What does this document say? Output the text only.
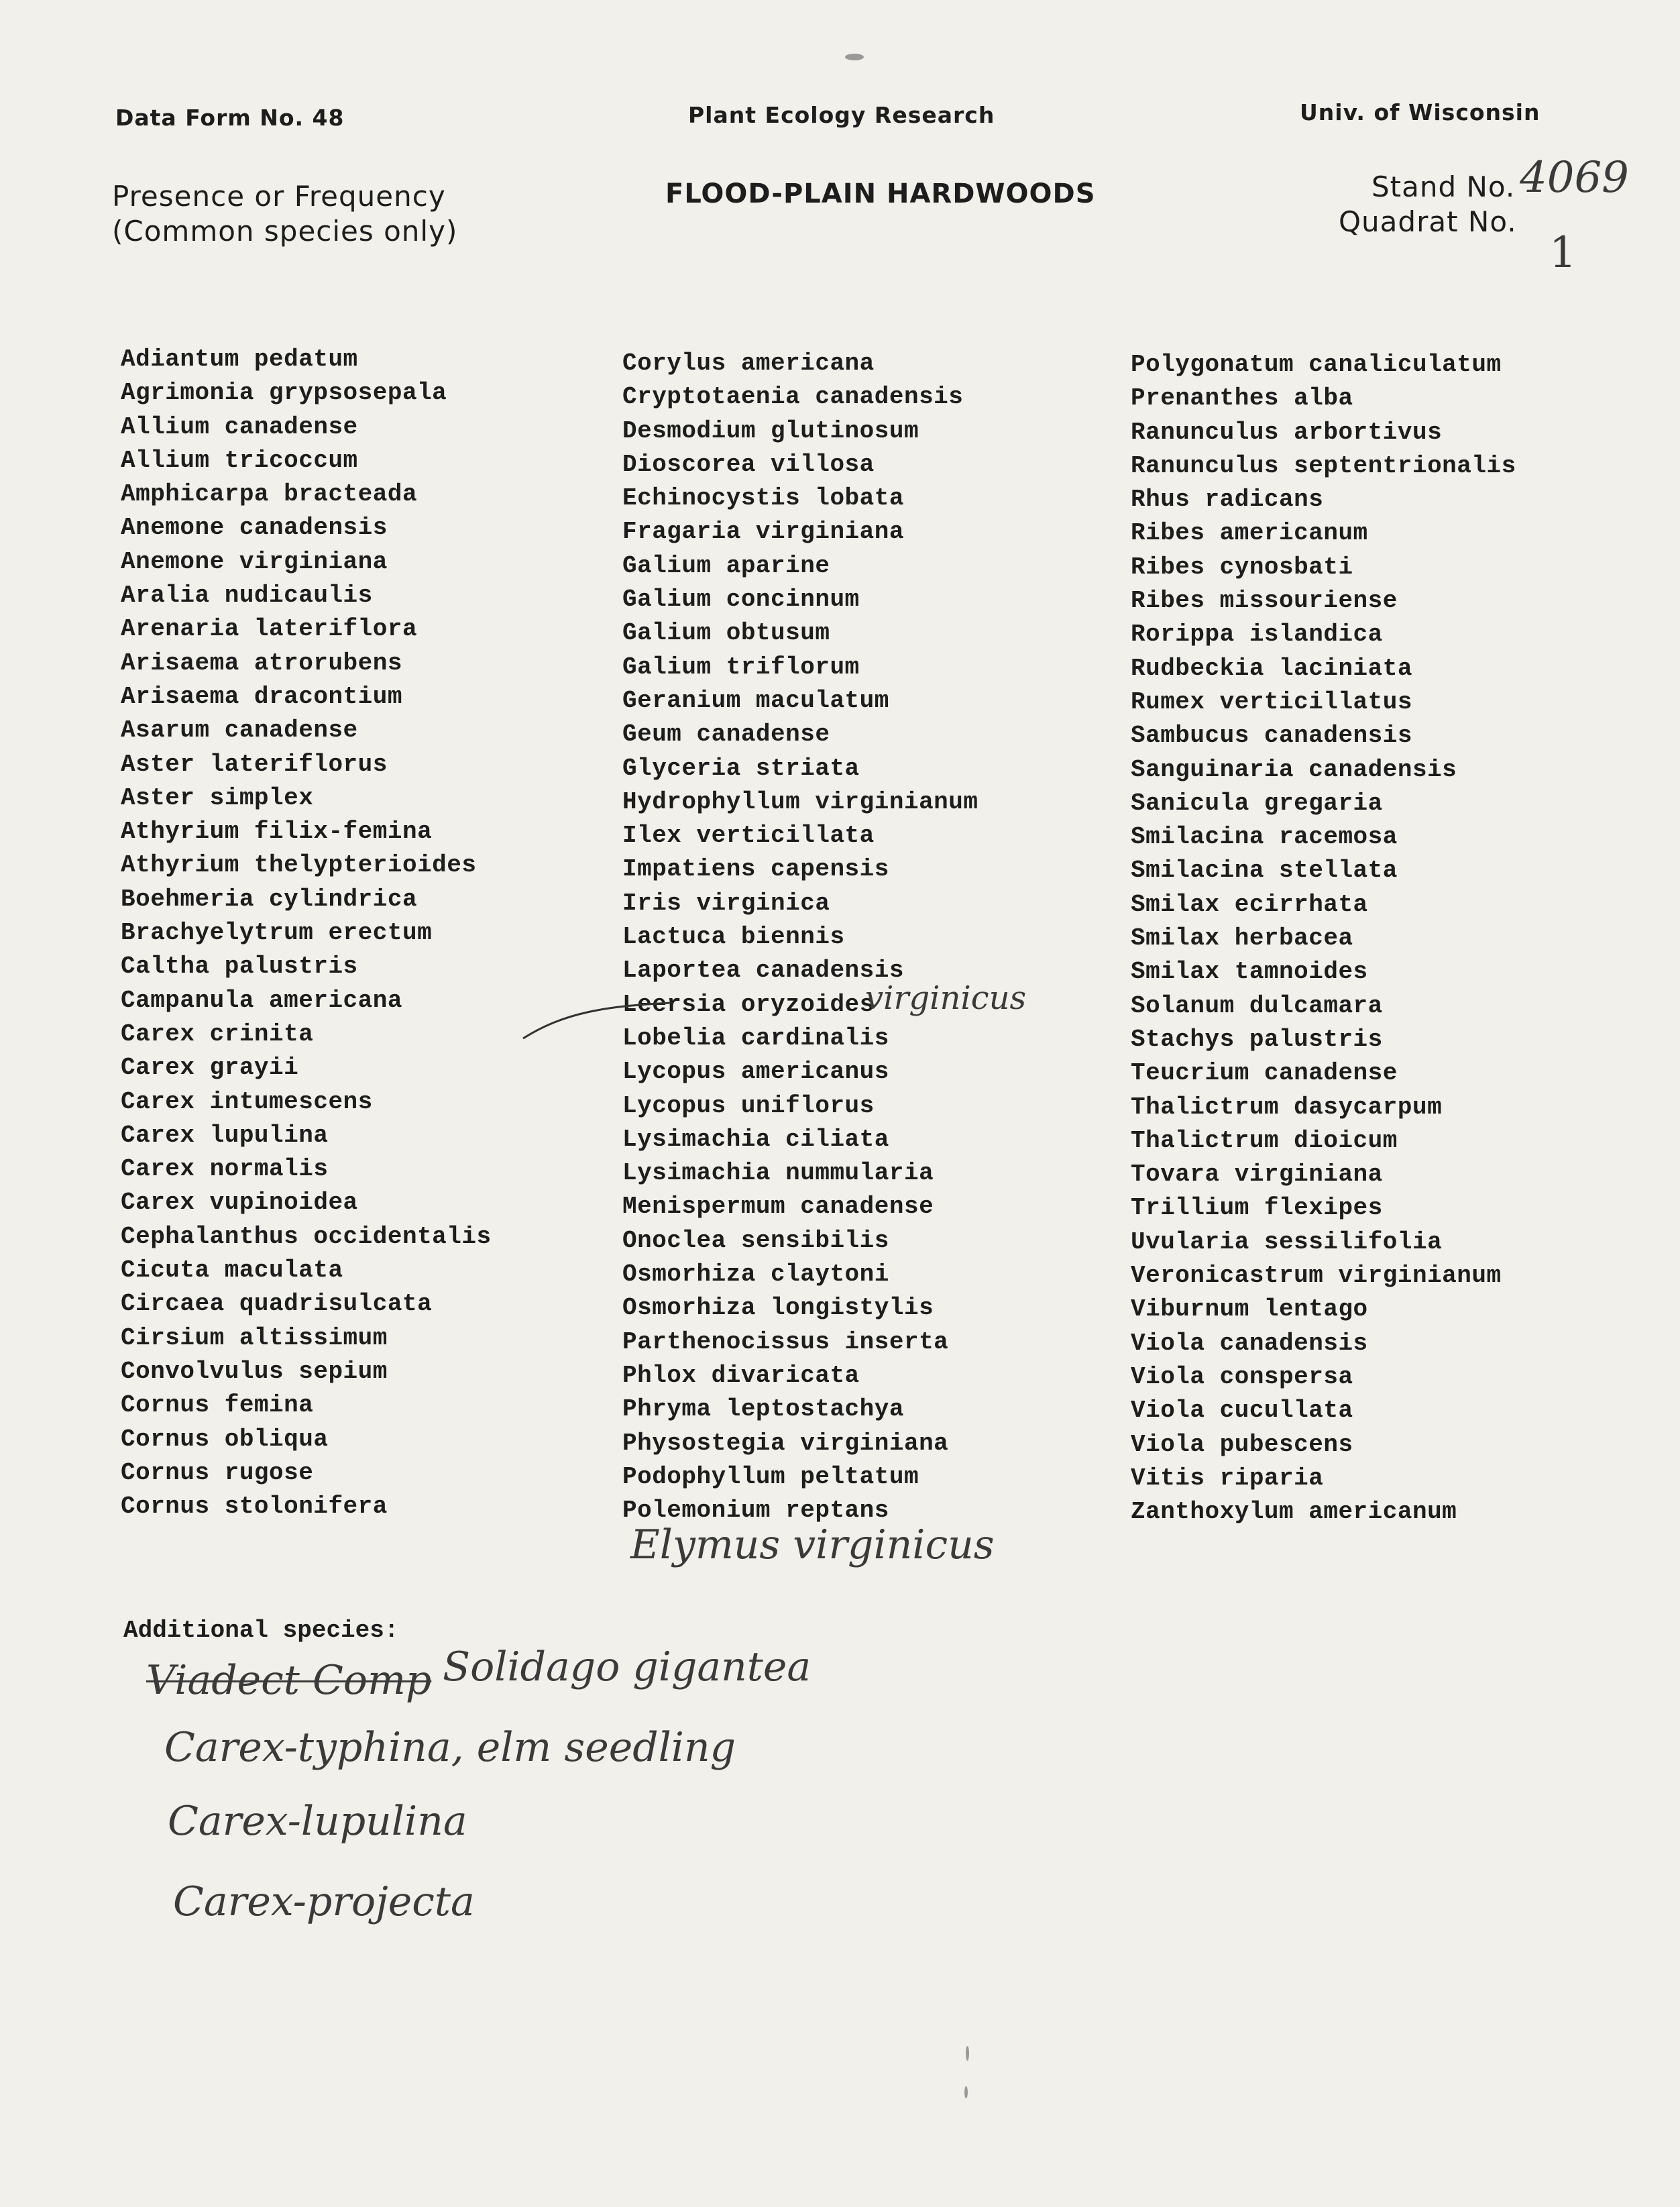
Data Form No. 48	Plant Ecology Research	Univ. of Wisconsin
Presence or Frequency
(Common species only)
FLOOD-PLAIN HARDWOODS	Stand No.
Quadrat No.
4069
1
Adiantum pedatum
Agrimonia grypsosepala
Allium canadense
Allium tricoccum
Amphicarpa bracteada
Anemone canadensis
Anemone virginiana
Aralia nudicaulis
Arenaria lateriflora
Arisaema atrorubens
Arisaema dracontium
Asarum canadense
Aster lateriflorus
Aster simplex
Athyrium filix-femina
Athyrium thelypterioides
Boehmeria cylindrica
Brachyelytrum erectum
Caltha palustris
Campanula americana
Carex crinita
Carex grayii
Carex intumescens
Carex lupulina
Carex normalis
Carex vupinoidea
Cephalanthus occidentalis
Cicuta maculata
Circaea quadrisulcata
Cirsium altissimum
Convolvulus sepium
Cornus femina
Cornus obliqua
Cornus rugose
Cornus stolonifera
Corylus americana
Cryptotaenia canadensis
Desmodium glutinosum
Dioscorea villosa
Echinocystis lobata
Fragaria virginiana
Galium aparine
Galium concinnum
Galium obtusum
Galium triflorum
Geranium maculatum
Geum canadense
Glyceria striata
Hydrophyllum virginianum
Ilex verticillata
Impatiens capensis
Iris virginica
Lactuca biennis
Laportea canadensis
Leersia oryzoides
Lobelia cardinalis
Lycopus americanus
Lycopus uniflorus
Lysimachia ciliata
Lysimachia nummularia
Menispermum canadense
Onoclea sensibilis
Osmorhiza claytoni
Osmorhiza longistylis
Parthenocissus inserta
Phlox divaricata
Phryma leptostachya
Physostegia virginiana
Podophyllum peltatum
Polemonium reptans
Polygonatum canaliculatum
Prenanthes alba
Ranunculus arbortivus
Ranunculus septentrionalis
Rhus radicans
Ribes americanum
Ribes cynosbati
Ribes missouriense
Rorippa islandica
Rudbeckia laciniata
Rumex verticillatus
Sambucus canadensis
Sanguinaria canadensis
Sanicula gregaria
Smilacina racemosa
Smilacina stellata
Smilax ecirrhata
Smilax herbacea
Smilax tamnoides
Solanum dulcamara
Stachys palustris
Teucrium canadense
Thalictrum dasycarpum
Thalictrum dioicum
Tovara virginiana
Trillium flexipes
Uvularia sessilifolia
Veronicastrum virginianum
Viburnum lentago
Viola canadensis
Viola conspersa
Viola cucullata
Viola pubescens
Vitis riparia
Zanthoxylum americanum
virginicus
Elymus virginicus
Additional species:
Viadect Comp Solidago gigantea
Carex-typhina, elm seedling
Carex-lupulina
Carex-projecta
